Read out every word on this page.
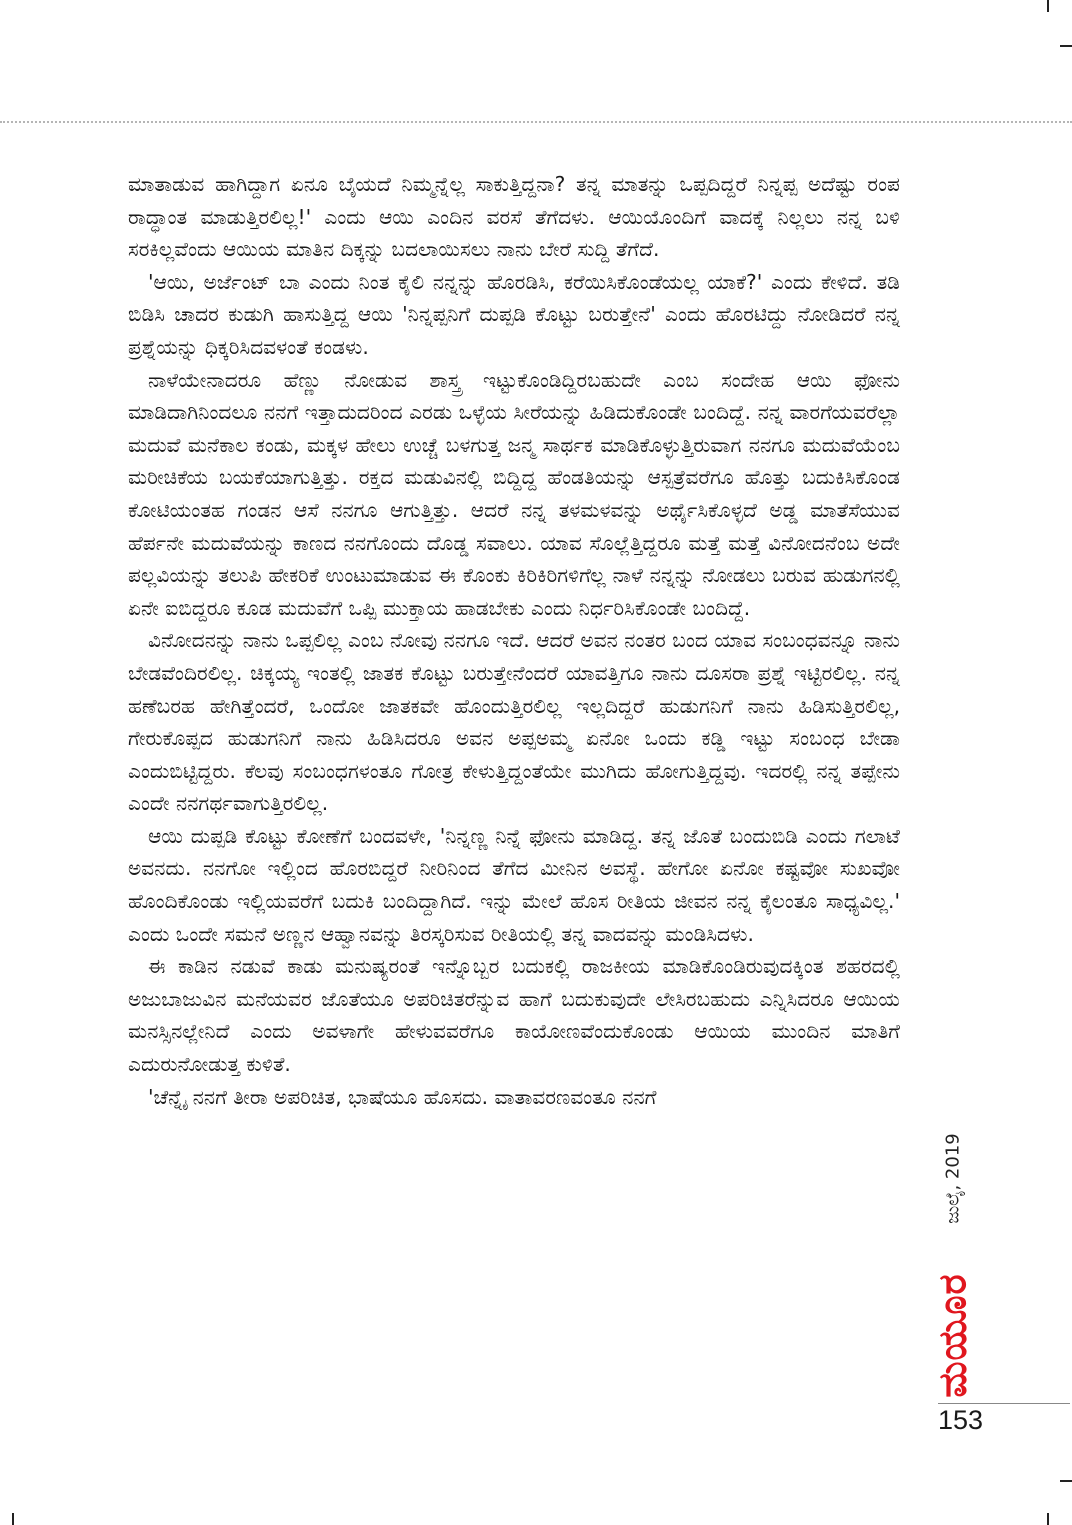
ಮಾತಾಡುವ ಹಾಗಿದ್ದಾಗ ಏನೂ ಬೈಯದೆ ನಿಮ್ಮನ್ನೆಲ್ಲ ಸಾಕುತ್ತಿದ್ದನಾ? ತನ್ನ ಮಾತನ್ನು ಒಪ್ಪದಿದ್ದರೆ ನಿನ್ನಪ್ಪ ಅದೆಷ್ಟು ರಂಪ ರಾದ್ಧಾಂತ ಮಾಡುತ್ತಿರಲಿಲ್ಲ!' ಎಂದು ಆಯಿ ಎಂದಿನ ವರಸೆ ತೆಗೆದಳು. ಆಯಿಯೊಂದಿಗೆ ವಾದಕ್ಕೆ ನಿಲ್ಲಲು ನನ್ನ ಬಳಿ ಸರಕಿಲ್ಲವೆಂದು ಆಯಿಯ ಮಾತಿನ ದಿಕ್ಕನ್ನು ಬದಲಾಯಿಸಲು ನಾನು ಬೇರೆ ಸುದ್ದಿ ತೆಗೆದೆ.

'ಆಯಿ, ಅರ್ಜೆಂಟ್ ಬಾ ಎಂದು ನಿಂತ ಕೈಲಿ ನನ್ನನ್ನು ಹೊರಡಿಸಿ, ಕರೆಯಿಸಿಕೊಂಡೆಯಲ್ಲ ಯಾಕೆ?' ಎಂದು ಕೇಳಿದೆ. ತಡಿ ಬಿಡಿಸಿ ಚಾದರ ಕುಡುಗಿ ಹಾಸುತ್ತಿದ್ದ ಆಯಿ 'ನಿನ್ನಪ್ಪನಿಗೆ ದುಪ್ಪಡಿ ಕೊಟ್ಟು ಬರುತ್ತೇನೆ' ಎಂದು ಹೊರಟಿದ್ದು ನೋಡಿದರೆ ನನ್ನ ಪ್ರಶ್ನೆಯನ್ನು ಧಿಕ್ಕರಿಸಿದವಳಂತೆ ಕಂಡಳು.

ನಾಳೆಯೇನಾದರೂ ಹೆಣ್ಣು ನೋಡುವ ಶಾಸ್ತ್ರ ಇಟ್ಟುಕೊಂಡಿದ್ದಿರಬಹುದೇ ಎಂಬ ಸಂದೇಹ ಆಯಿ ಫೋನು ಮಾಡಿದಾಗಿನಿಂದಲೂ ನನಗೆ ಇತ್ತಾದುದರಿಂದ ಎರಡು ಒಳ್ಳೆಯ ಸೀರೆಯನ್ನು ಹಿಡಿದುಕೊಂಡೇ ಬಂದಿದ್ದೆ. ನನ್ನ ವಾರಗೆಯವರೆಲ್ಲಾ ಮದುವೆ ಮನೆಕಾಲ ಕಂಡು, ಮಕ್ಕಳ ಹೇಲು ಉಚ್ಚೆ ಬಳಗುತ್ತ ಜನ್ಮ ಸಾರ್ಥಕ ಮಾಡಿಕೊಳ್ಳುತ್ತಿರುವಾಗ ನನಗೂ ಮದುವೆಯೆಂಬ ಮರೀಚಿಕೆಯ ಬಯಕೆಯಾಗುತ್ತಿತ್ತು. ರಕ್ತದ ಮಡುವಿನಲ್ಲಿ ಬಿದ್ದಿದ್ದ ಹೆಂಡತಿಯನ್ನು ಆಸ್ಪತ್ರೆವರೆಗೂ ಹೊತ್ತು ಬದುಕಿಸಿಕೊಂಡ ಕೋಟಿಯಂತಹ ಗಂಡನ ಆಸೆ ನನಗೂ ಆಗುತ್ತಿತ್ತು. ಆದರೆ ನನ್ನ ತಳಮಳವನ್ನು ಅರ್ಥೈಸಿಕೊಳ್ಳದೆ ಅಡ್ಡ ಮಾತೆಸೆಯುವ ಹೆರ್ಪನೇ ಮದುವೆಯನ್ನು ಕಾಣದ ನನಗೊಂದು ದೊಡ್ಡ ಸವಾಲು. ಯಾವ ಸೊಲ್ಲೆತ್ತಿದ್ದರೂ ಮತ್ತೆ ಮತ್ತೆ ವಿನೋದನೆಂಬ ಅದೇ ಪಲ್ಲವಿಯನ್ನು ತಲುಪಿ ಹೇಕರಿಕೆ ಉಂಟುಮಾಡುವ ಈ ಕೊಂಕು ಕಿರಿಕಿರಿಗಳಿಗೆಲ್ಲ ನಾಳೆ ನನ್ನನ್ನು ನೋಡಲು ಬರುವ ಹುಡುಗನಲ್ಲಿ ಏನೇ ಐಬಿದ್ದರೂ ಕೂಡ ಮದುವೆಗೆ ಒಪ್ಪಿ ಮುಕ್ತಾಯ ಹಾಡಬೇಕು ಎಂದು ನಿರ್ಧರಿಸಿಕೊಂಡೇ ಬಂದಿದ್ದೆ.

ವಿನೋದನನ್ನು ನಾನು ಒಪ್ಪಲಿಲ್ಲ ಎಂಬ ನೋವು ನನಗೂ ಇದೆ. ಆದರೆ ಅವನ ನಂತರ ಬಂದ ಯಾವ ಸಂಬಂಧವನ್ನೂ ನಾನು ಬೇಡವೆಂದಿರಲಿಲ್ಲ. ಚಿಕ್ಕಯ್ಯ ಇಂತಲ್ಲಿ ಜಾತಕ ಕೊಟ್ಟು ಬರುತ್ತೇನೆಂದರೆ ಯಾವತ್ತಿಗೂ ನಾನು ದೂಸರಾ ಪ್ರಶ್ನೆ ಇಟ್ಟಿರಲಿಲ್ಲ. ನನ್ನ ಹಣೆಬರಹ ಹೇಗಿತ್ತೆಂದರೆ, ಒಂದೋ ಜಾತಕವೇ ಹೊಂದುತ್ತಿರಲಿಲ್ಲ ಇಲ್ಲದಿದ್ದರೆ ಹುಡುಗನಿಗೆ ನಾನು ಹಿಡಿಸುತ್ತಿರಲಿಲ್ಲ, ಗೇರುಕೊಪ್ಪದ ಹುಡುಗನಿಗೆ ನಾನು ಹಿಡಿಸಿದರೂ ಅವನ ಅಪ್ಪಅಮ್ಮ ಏನೋ ಒಂದು ಕಡ್ಡಿ ಇಟ್ಟು ಸಂಬಂಧ ಬೇಡಾ ಎಂದುಬಿಟ್ಟಿದ್ದರು. ಕೆಲವು ಸಂಬಂಧಗಳಂತೂ ಗೋತ್ರ ಕೇಳುತ್ತಿದ್ದಂತೆಯೇ ಮುಗಿದು ಹೋಗುತ್ತಿದ್ದವು. ಇದರಲ್ಲಿ ನನ್ನ ತಪ್ಪೇನು ಎಂದೇ ನನಗರ್ಥವಾಗುತ್ತಿರಲಿಲ್ಲ.

ಆಯಿ ದುಪ್ಪಡಿ ಕೊಟ್ಟು ಕೋಣೆಗೆ ಬಂದವಳೇ, 'ನಿನ್ನಣ್ಣ ನಿನ್ನೆ ಫೋನು ಮಾಡಿದ್ದ. ತನ್ನ ಜೊತೆ ಬಂದುಬಿಡಿ ಎಂದು ಗಲಾಟೆ ಅವನದು. ನನಗೋ ಇಲ್ಲಿಂದ ಹೊರಬಿದ್ದರೆ ನೀರಿನಿಂದ ತೆಗೆದ ಮೀನಿನ ಅವಸ್ಥೆ. ಹೇಗೋ ಏನೋ ಕಷ್ಟವೋ ಸುಖವೋ ಹೊಂದಿಕೊಂಡು ಇಲ್ಲಿಯವರೆಗೆ ಬದುಕಿ ಬಂದಿದ್ದಾಗಿದೆ. ಇನ್ನು ಮೇಲೆ ಹೊಸ ರೀತಿಯ ಜೀವನ ನನ್ನ ಕೈಲಂತೂ ಸಾಧ್ಯವಿಲ್ಲ.' ಎಂದು ಒಂದೇ ಸಮನೆ ಅಣ್ಣನ ಆಹ್ವಾನವನ್ನು ತಿರಸ್ಕರಿಸುವ ರೀತಿಯಲ್ಲಿ ತನ್ನ ವಾದವನ್ನು ಮಂಡಿಸಿದಳು.

ಈ ಕಾಡಿನ ನಡುವೆ ಕಾಡು ಮನುಷ್ಯರಂತೆ ಇನ್ನೊಬ್ಬರ ಬದುಕಲ್ಲಿ ರಾಜಕೀಯ ಮಾಡಿಕೊಂಡಿರುವುದಕ್ಕಿಂತ ಶಹರದಲ್ಲಿ ಅಜುಬಾಜುವಿನ ಮನೆಯವರ ಜೊತೆಯೂ ಅಪರಿಚಿತರೆನ್ನುವ ಹಾಗೆ ಬದುಕುವುದೇ ಲೇಸಿರಬಹುದು ಎನ್ನಿಸಿದರೂ ಆಯಿಯ ಮನಸ್ಸಿನಲ್ಲೇನಿದೆ ಎಂದು ಅವಳಾಗೇ ಹೇಳುವವರೆಗೂ ಕಾಯೋಣವೆಂದುಕೊಂಡು ಆಯಿಯ ಮುಂದಿನ ಮಾತಿಗೆ ಎದುರುನೋಡುತ್ತ ಕುಳಿತೆ.

'ಚೆನ್ನೈ ನನಗೆ ತೀರಾ ಅಪರಿಚಿತ, ಭಾಷೆಯೂ ಹೊಸದು. ವಾತಾವರಣವಂತೂ ನನಗೆ

ಜುಲೈ, 2019
ಮಯೂರ
153
